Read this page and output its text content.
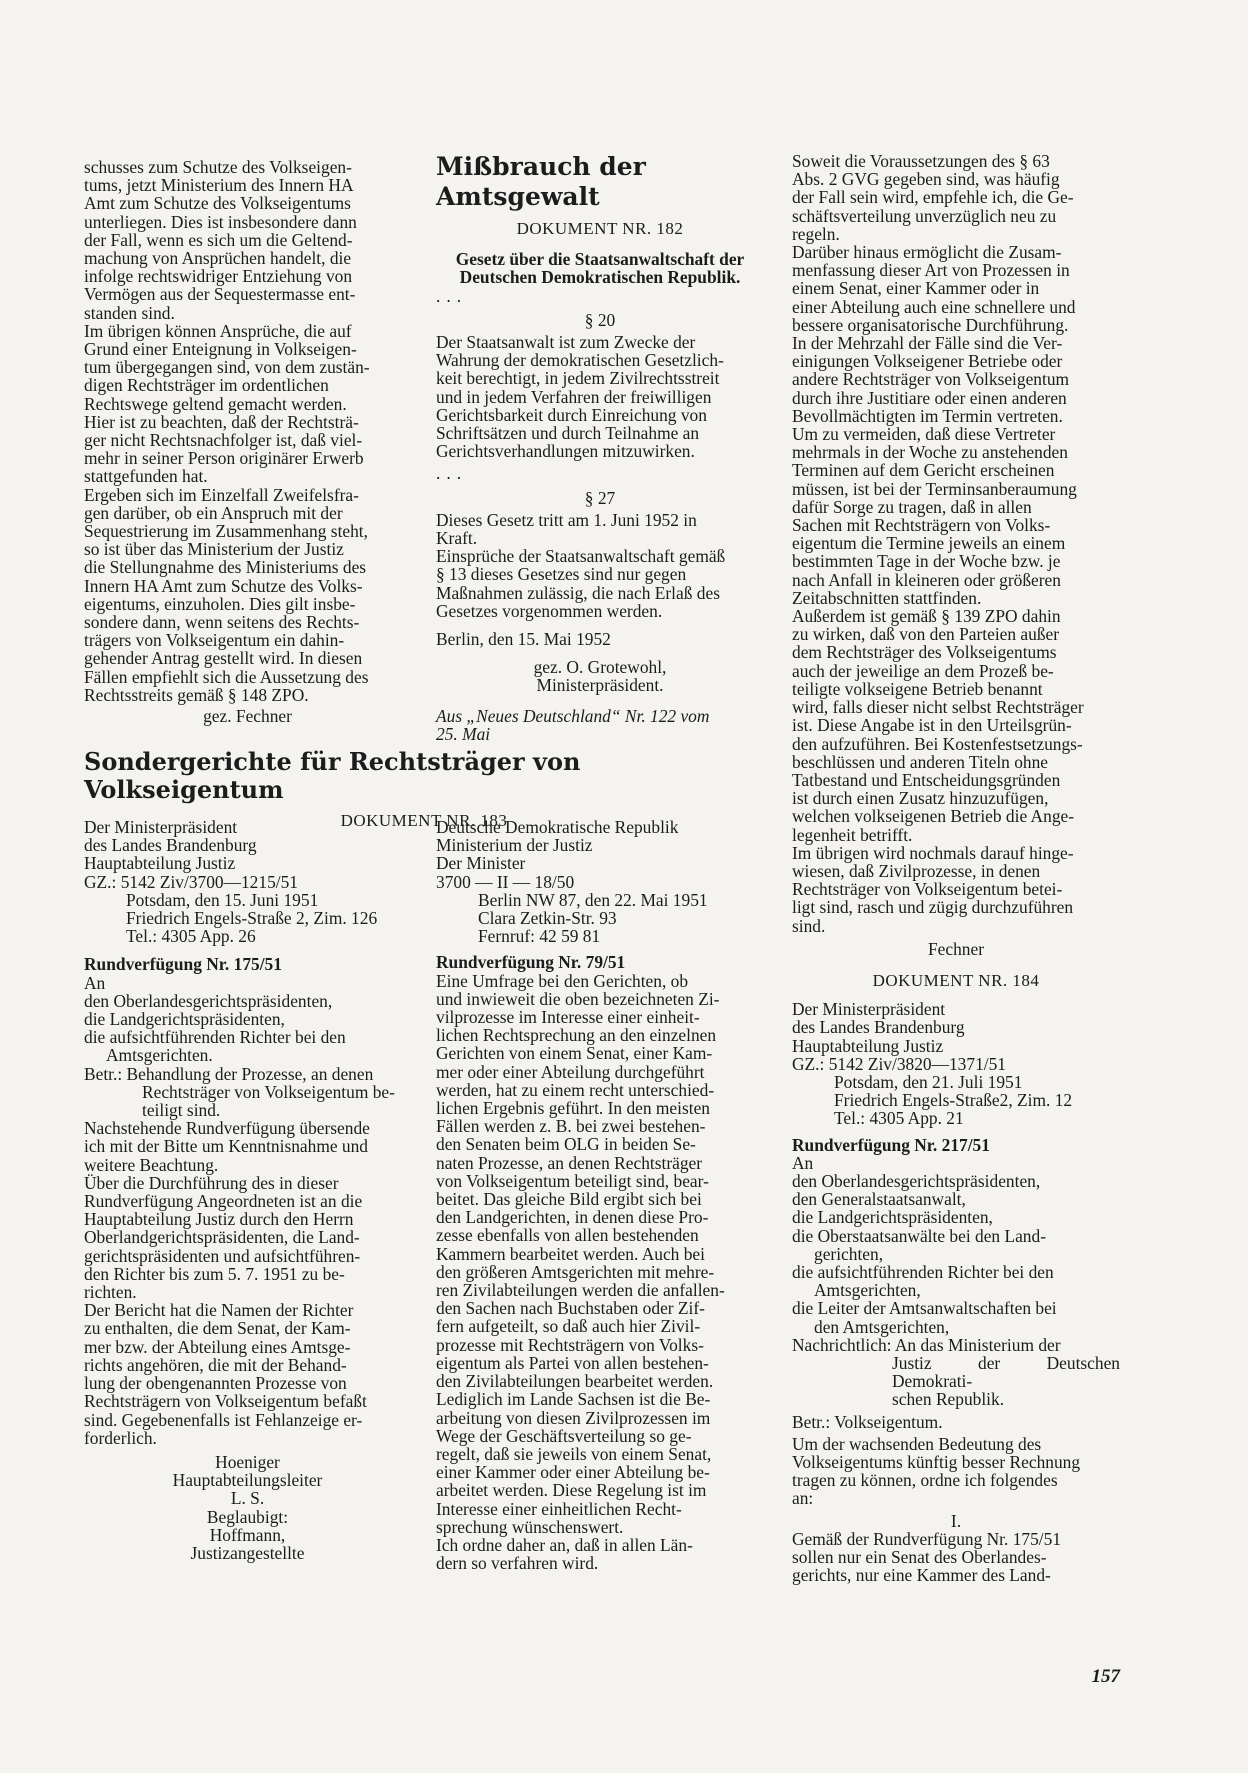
schusses zum Schutze des Volkseigen-

tums, jetzt Ministerium des Innern HA

Amt zum Schutze des Volkseigentums

unterliegen. Dies ist insbesondere dann

der Fall, wenn es sich um die Geltend-

machung von Ansprüchen handelt, die

infolge rechtswidriger Entziehung von

Vermögen aus der Sequestermasse ent-

standen sind.

Im übrigen können Ansprüche, die auf

Grund einer Enteignung in Volkseigen-

tum übergegangen sind, von dem zustän-

digen Rechtsträger im ordentlichen

Rechtswege geltend gemacht werden.

Hier ist zu beachten, daß der Rechtsträ-

ger nicht Rechtsnachfolger ist, daß viel-

mehr in seiner Person originärer Erwerb

stattgefunden hat.

Ergeben sich im Einzelfall Zweifelsfra-

gen darüber, ob ein Anspruch mit der

Sequestrierung im Zusammenhang steht,

so ist über das Ministerium der Justiz

die Stellungnahme des Ministeriums des

Innern HA Amt zum Schutze des Volks-

eigentums, einzuholen. Dies gilt insbe-

sondere dann, wenn seitens des Rechts-

trägers von Volkseigentum ein dahin-

gehender Antrag gestellt wird. In diesen

Fällen empfiehlt sich die Aussetzung des

Rechtsstreits gemäß § 148 ZPO.

gez. Fechner

Mißbrauch der Amtsgewalt

DOKUMENT NR. 182

Gesetz über die Staatsanwaltschaft der Deutschen Demokratischen Republik.

...

§ 20

Der Staatsanwalt ist zum Zwecke der

Wahrung der demokratischen Gesetzlich-

keit berechtigt, in jedem Zivilrechtsstreit

und in jedem Verfahren der freiwilligen

Gerichtsbarkeit durch Einreichung von

Schriftsätzen und durch Teilnahme an

Gerichtsverhandlungen mitzuwirken.

...

§ 27

Dieses Gesetz tritt am 1. Juni 1952 in

Kraft.

Einsprüche der Staatsanwaltschaft gemäß

§ 13 dieses Gesetzes sind nur gegen

Maßnahmen zulässig, die nach Erlaß des

Gesetzes vorgenommen werden.

Berlin, den 15. Mai 1952

gez. O. Grotewohl,

Ministerpräsident.

Aus „Neues Deutschland“ Nr. 122 vom

25. Mai

Sondergerichte für Rechtsträger von Volkseigentum

DOKUMENT NR. 183

Der Ministerpräsident

des Landes Brandenburg

Hauptabteilung Justiz

GZ.: 5142 Ziv/3700—1215/51

Potsdam, den 15. Juni 1951

Friedrich Engels-Straße 2, Zim. 126

Tel.: 4305 App. 26

Rundverfügung Nr. 175/51

An

den Oberlandesgerichtspräsidenten,

die Landgerichtspräsidenten,

die aufsichtführenden Richter bei den

Amtsgerichten.

Betr.: Behandlung der Prozesse, an denen

Rechtsträger von Volkseigentum be-

teiligt sind.

Nachstehende Rundverfügung übersende

ich mit der Bitte um Kenntnisnahme und

weitere Beachtung.

Über die Durchführung des in dieser

Rundverfügung Angeordneten ist an die

Hauptabteilung Justiz durch den Herrn

Oberlandgerichtspräsidenten, die Land-

gerichtspräsidenten und aufsichtführen-

den Richter bis zum 5. 7. 1951 zu be-

richten.

Der Bericht hat die Namen der Richter

zu enthalten, die dem Senat, der Kam-

mer bzw. der Abteilung eines Amtsge-

richts angehören, die mit der Behand-

lung der obengenannten Prozesse von

Rechtsträgern von Volkseigentum befaßt

sind. Gegebenenfalls ist Fehlanzeige er-

forderlich.

Hoeniger

Hauptabteilungsleiter

L. S.

Beglaubigt:

Hoffmann,

Justizangestellte

Deutsche Demokratische Republik

Ministerium der Justiz

Der Minister

3700 — II — 18/50

Berlin NW 87, den 22. Mai 1951

Clara Zetkin-Str. 93

Fernruf: 42 59 81

Rundverfügung Nr. 79/51

Eine Umfrage bei den Gerichten, ob

und inwieweit die oben bezeichneten Zi-

vilprozesse im Interesse einer einheit-

lichen Rechtsprechung an den einzelnen

Gerichten von einem Senat, einer Kam-

mer oder einer Abteilung durchgeführt

werden, hat zu einem recht unterschied-

lichen Ergebnis geführt. In den meisten

Fällen werden z. B. bei zwei bestehen-

den Senaten beim OLG in beiden Se-

naten Prozesse, an denen Rechtsträger

von Volkseigentum beteiligt sind, bear-

beitet. Das gleiche Bild ergibt sich bei

den Landgerichten, in denen diese Pro-

zesse ebenfalls von allen bestehenden

Kammern bearbeitet werden. Auch bei

den größeren Amtsgerichten mit mehre-

ren Zivilabteilungen werden die anfallen-

den Sachen nach Buchstaben oder Zif-

fern aufgeteilt, so daß auch hier Zivil-

prozesse mit Rechtsträgern von Volks-

eigentum als Partei von allen bestehen-

den Zivilabteilungen bearbeitet werden.

Lediglich im Lande Sachsen ist die Be-

arbeitung von diesen Zivilprozessen im

Wege der Geschäftsverteilung so ge-

regelt, daß sie jeweils von einem Senat,

einer Kammer oder einer Abteilung be-

arbeitet werden. Diese Regelung ist im

Interesse einer einheitlichen Recht-

sprechung wünschenswert.

Ich ordne daher an, daß in allen Län-

dern so verfahren wird.

Soweit die Voraussetzungen des § 63

Abs. 2 GVG gegeben sind, was häufig

der Fall sein wird, empfehle ich, die Ge-

schäftsverteilung unverzüglich neu zu

regeln.

Darüber hinaus ermöglicht die Zusam-

menfassung dieser Art von Prozessen in

einem Senat, einer Kammer oder in

einer Abteilung auch eine schnellere und

bessere organisatorische Durchführung.

In der Mehrzahl der Fälle sind die Ver-

einigungen Volkseigener Betriebe oder

andere Rechtsträger von Volkseigentum

durch ihre Justitiare oder einen anderen

Bevollmächtigten im Termin vertreten.

Um zu vermeiden, daß diese Vertreter

mehrmals in der Woche zu anstehenden

Terminen auf dem Gericht erscheinen

müssen, ist bei der Terminsanberaumung

dafür Sorge zu tragen, daß in allen

Sachen mit Rechtsträgern von Volks-

eigentum die Termine jeweils an einem

bestimmten Tage in der Woche bzw. je

nach Anfall in kleineren oder größeren

Zeitabschnitten stattfinden.

Außerdem ist gemäß § 139 ZPO dahin

zu wirken, daß von den Parteien außer

dem Rechtsträger des Volkseigentums

auch der jeweilige an dem Prozeß be-

teiligte volkseigene Betrieb benannt

wird, falls dieser nicht selbst Rechtsträger

ist. Diese Angabe ist in den Urteilsgrün-

den aufzuführen. Bei Kostenfestsetzungs-

beschlüssen und anderen Titeln ohne

Tatbestand und Entscheidungsgründen

ist durch einen Zusatz hinzuzufügen,

welchen volkseigenen Betrieb die Ange-

legenheit betrifft.

Im übrigen wird nochmals darauf hinge-

wiesen, daß Zivilprozesse, in denen

Rechtsträger von Volkseigentum betei-

ligt sind, rasch und zügig durchzuführen

sind.

Fechner

DOKUMENT NR. 184

Der Ministerpräsident

des Landes Brandenburg

Hauptabteilung Justiz

GZ.: 5142 Ziv/3820—1371/51

Potsdam, den 21. Juli 1951

Friedrich Engels-Straße2, Zim. 12

Tel.: 4305 App. 21

Rundverfügung Nr. 217/51

An

den Oberlandesgerichtspräsidenten,

den Generalstaatsanwalt,

die Landgerichtspräsidenten,

die Oberstaatsanwälte bei den Land-

gerichten,

die aufsichtführenden Richter bei den

Amtsgerichten,

die Leiter der Amtsanwaltschaften bei

den Amtsgerichten,

Nachrichtlich: An das Ministerium der

Justiz der Deutschen Demokrati-

schen Republik.

Betr.: Volkseigentum.

Um der wachsenden Bedeutung des

Volkseigentums künftig besser Rechnung

tragen zu können, ordne ich folgendes

an:

I.

Gemäß der Rundverfügung Nr. 175/51

sollen nur ein Senat des Oberlandes-

gerichts, nur eine Kammer des Land-

157
